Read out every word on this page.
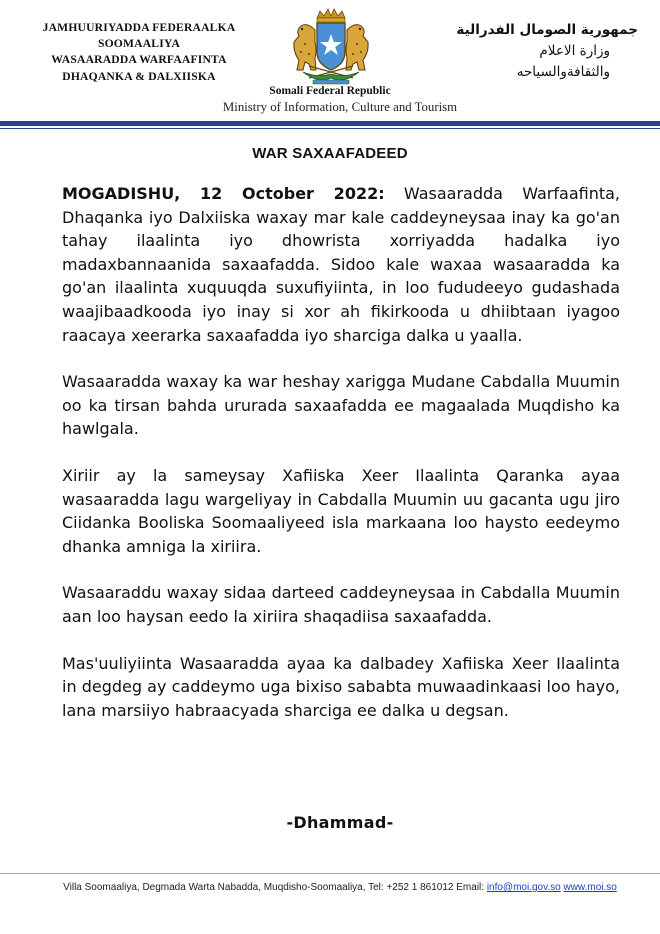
JAMHUURIYADDA FEDERAALKA
SOOMAALIYA
WASAARADDA WARFAAFINTA
DHAQANKA & DALXIISKA
جمهورية الصومال الفدرالية
وزارة الاعلام
والثقافةوالسياحه
Somali Federal Republic
Ministry of Information, Culture and Tourism
WAR SAXAAFADEED

MOGADISHU, 12 October 2022: Wasaaradda Warfaafinta, Dhaqanka iyo Dalxiiska waxay mar kale caddeyneysaa inay ka go'an tahay ilaalinta iyo dhowrista xorriyadda hadalka iyo madaxbannaanida saxaafadda. Sidoo kale waxaa wasaaradda ka go'an ilaalinta xuquuqda suxufiyiinta, in loo fududeeyo gudashada waajibaadkooda iyo inay si xor ah fikirkooda u dhiibtaan iyagoo raacaya xeerarka saxaafadda iyo sharciga dalka u yaalla.

Wasaaradda waxay ka war heshay xarigga Mudane Cabdalla Muumin oo ka tirsan bahda ururada saxaafadda ee magaalada Muqdisho ka hawlgala.

Xiriir ay la sameysay Xafiiska Xeer Ilaalinta Qaranka ayaa wasaaradda lagu wargeliyay in Cabdalla Muumin uu gacanta ugu jiro Ciidanka Booliska Soomaaliyeed isla markaana loo haysto eedeymo dhanka amniga la xiriira.

Wasaaraddu waxay sidaa darteed caddeyneysaa in Cabdalla Muumin aan loo haysan eedo la xiriira shaqadiisa saxaafadda.

Mas'uuliyiinta Wasaaradda ayaa ka dalbadey Xafiiska Xeer Ilaalinta in degdeg ay caddeymo uga bixiso sababta muwaadinkaasi loo hayo, lana marsiiyo habraacyada sharciga ee dalka u degsan.

-Dhammad-
Villa Soomaaliya, Degmada Warta Nabadda, Muqdisho-Soomaaliya, Tel: +252 1 861012 Email: info@moi.gov.so www.moi.so
